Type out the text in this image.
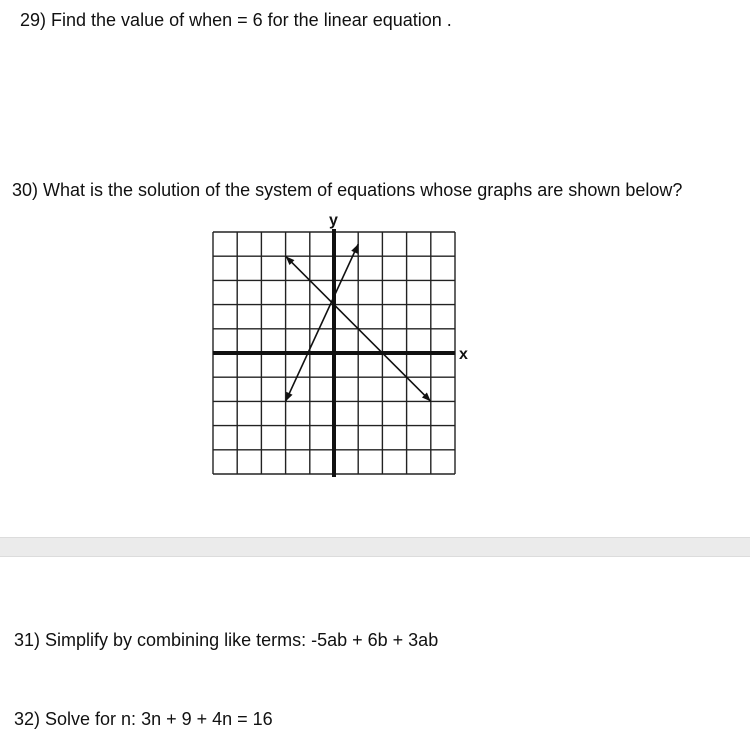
29) Find the value of when = 6 for the linear equation .
30) What is the solution of the system of equations whose graphs are shown below?
x
y
31) Simplify by combining like terms: -5ab + 6b + 3ab
32) Solve for n: 3n + 9 + 4n = 16
